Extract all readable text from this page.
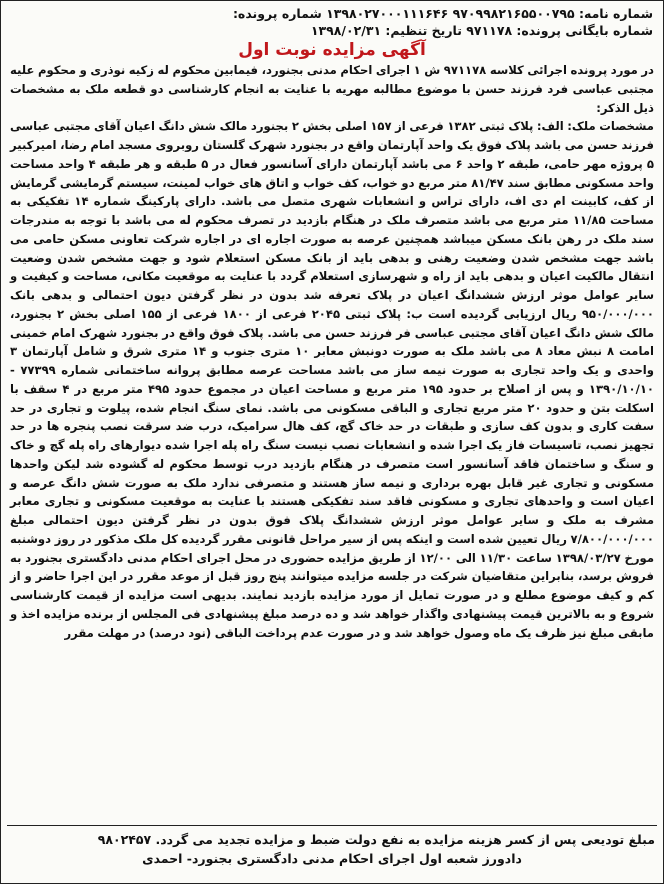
شماره نامه: ۹۷۰۹۹۸۲۱۶۵۵۰۰۷۹۵ ۱۳۹۸۰۲۷۰۰۰۱۱۱۶۴۶ شماره پرونده:
شماره بایگانی پرونده: ۹۷۱۱۷۸ تاریخ تنظیم: ۱۳۹۸/۰۲/۳۱
آگهی مزایده نوبت اول

در مورد پرونده اجرائی کلاسه ۹۷۱۱۷۸ ش ۱ اجرای احکام مدنی بجنورد، فیمابین محکوم له زکیه نوذری و محکوم علیه مجتبی عباسی فرد فرزند حسن با موضوع مطالبه مهریه با عنایت به انجام کارشناسی دو قطعه ملک به مشخصات ذیل الذکر:

مشخصات ملک: الف: پلاک ثبتی ۱۳۸۲ فرعی از ۱۵۷ اصلی بخش ۲ بجنورد مالک شش دانگ اعیان آقای مجتبی عباسی فرزند حسن می باشد پلاک فوق یک واحد آپارتمان واقع در بجنورد شهرک گلستان روبروی مسجد امام رضا، امیرکبیر ۵ پروژه مهر حامی، طبقه ۲ واحد ۶ می باشد آپارتمان دارای آسانسور فعال در ۵ طبقه و هر طبقه ۴ واحد مساحت واحد مسکونی مطابق سند ۸۱/۴۷ متر مربع دو خواب، کف خواب و اتاق های خواب لمینت، سیستم گرمایشی گرمایش از کف، کابینت ام دی اف، دارای تراس و انشعابات شهری متصل می باشد. دارای پارکینگ شماره ۱۴ تفکیکی به مساحت ۱۱/۸۵ متر مربع می باشد متصرف ملک در هنگام بازدید در تصرف محکوم له می باشد با توجه به مندرجات سند ملک در رهن بانک مسکن میباشد همچنین عرصه به صورت اجاره ای در اجاره شرکت تعاونی مسکن حامی می باشد جهت مشخص شدن وضعیت رهنی و بدهی باید از بانک مسکن استعلام شود و جهت مشخص شدن وضعیت انتقال مالکیت اعیان و بدهی باید از راه و شهرسازی استعلام گردد با عنایت به موقعیت مکانی، مساحت و کیفیت و سایر عوامل موثر ارزش ششدانگ اعیان در پلاک تعرفه شد بدون در نظر گرفتن دیون احتمالی و بدهی بانک ۹۵۰/۰۰۰/۰۰۰ ریال ارزیابی گردیده است ب: پلاک ثبتی ۲۰۴۵ فرعی از ۱۸۰۰ فرعی از ۱۵۵ اصلی بخش ۲ بجنورد، مالک شش دانگ اعیان آقای مجتبی عباسی فر فرزند حسن می باشد. پلاک فوق واقع در بجنورد شهرک امام خمینی امامت ۸ نبش معاد ۸ می باشد ملک به صورت دونبش معابر ۱۰ متری جنوب و ۱۴ متری شرق و شامل آپارتمان ۳ واحدی و یک واحد تجاری به صورت نیمه ساز می باشد مساحت عرصه مطابق پروانه ساختمانی شماره ۷۷۳۹۹ - ۱۳۹۰/۱۰/۱۰ و پس از اصلاح بر حدود ۱۹۵ متر مربع و مساحت اعیان در مجموع حدود ۴۹۵ متر مربع در ۴ سقف با اسکلت بتن و حدود ۲۰ متر مربع تجاری و الباقی مسکونی می باشد. نمای سنگ انجام شده، پیلوت و تجاری در حد سفت کاری و بدون کف سازی و طبقات در حد خاک گچ، کف هال سرامیک، درب ضد سرقت نصب پنجره ها در حد تجهیز نصب، تاسیسات فاز یک اجرا شده و انشعابات نصب نیست سنگ راه پله اجرا شده دیوارهای راه پله گچ و خاک و سنگ و ساختمان فاقد آسانسور است متصرف در هنگام بازدید درب توسط محکوم له گشوده شد لیکن واحدها مسکونی و تجاری غیر قابل بهره برداری و نیمه ساز هستند و متصرفی ندارد ملک به صورت شش دانگ عرصه و اعیان است و واحدهای تجاری و مسکونی فاقد سند تفکیکی هستند با عنایت به موقعیت مسکونی و تجاری معابر مشرف به ملک و سایر عوامل موثر ارزش ششدانگ پلاک فوق بدون در نظر گرفتن دیون احتمالی مبلغ ۷/۸۰۰/۰۰۰/۰۰۰ ریال تعیین شده است و اینکه پس از سیر مراحل قانونی مقرر گردیده کل ملک مذکور در روز دوشنبه مورخ ۱۳۹۸/۰۳/۲۷ ساعت ۱۱/۳۰ الی ۱۲/۰۰ از طریق مزایده حضوری در محل اجرای احکام مدنی دادگستری بجنورد به فروش برسد، بنابراین متقاضیان شرکت در جلسه مزایده میتوانند پنج روز قبل از موعد مقرر در این اجرا حاضر و از کم و کیف موضوع مطلع و در صورت تمایل از مورد مزایده بازدید نمایند. بدیهی است مزایده از قیمت کارشناسی شروع و به بالاترین قیمت پیشنهادی واگذار خواهد شد و ده درصد مبلغ پیشنهادی فی المجلس از برنده مزایده اخذ و مابقی مبلغ نیز ظرف یک ماه وصول خواهد شد و در صورت عدم پرداخت الباقی (نود درصد) در مهلت مقرر

مبلغ تودیعی پس از کسر هزینه مزایده به نفع دولت ضبط و مزایده تجدید می گردد. ۹۸۰۲۴۵۷

دادورز شعبه اول اجرای احکام مدنی دادگستری بجنورد- احمدی
